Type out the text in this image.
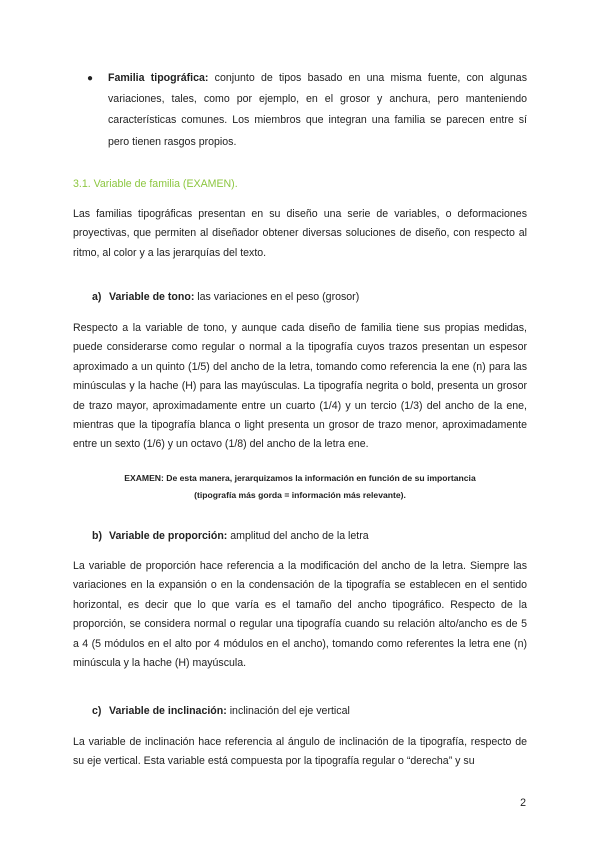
● Familia tipográfica: conjunto de tipos basado en una misma fuente, con algunas variaciones, tales, como por ejemplo, en el grosor y anchura, pero manteniendo características comunes. Los miembros que integran una familia se parecen entre sí pero tienen rasgos propios.

3.1. Variable de familia (EXAMEN).

Las familias tipográficas presentan en su diseño una serie de variables, o deformaciones proyectivas, que permiten al diseñador obtener diversas soluciones de diseño, con respecto al ritmo, al color y a las jerarquías del texto.

a) Variable de tono: las variaciones en el peso (grosor)

Respecto a la variable de tono, y aunque cada diseño de familia tiene sus propias medidas, puede considerarse como regular o normal a la tipografía cuyos trazos presentan un espesor aproximado a un quinto (1/5) del ancho de la letra, tomando como referencia la ene (n) para las minúsculas y la hache (H) para las mayúsculas. La tipografía negrita o bold, presenta un grosor de trazo mayor, aproximadamente entre un cuarto (1/4) y un tercio (1/3) del ancho de la ene, mientras que la tipografía blanca o light presenta un grosor de trazo menor, aproximadamente entre un sexto (1/6) y un octavo (1/8) del ancho de la letra ene.

EXAMEN: De esta manera, jerarquizamos la información en función de su importancia
(tipografía más gorda = información más relevante).

b) Variable de proporción: amplitud del ancho de la letra

La variable de proporción hace referencia a la modificación del ancho de la letra. Siempre las variaciones en la expansión o en la condensación de la tipografía se establecen en el sentido horizontal, es decir que lo que varía es el tamaño del ancho tipográfico. Respecto de la proporción, se considera normal o regular una tipografía cuando su relación alto/ancho es de 5 a 4 (5 módulos en el alto por 4 módulos en el ancho), tomando como referentes la letra ene (n) minúscula y la hache (H) mayúscula.

c) Variable de inclinación: inclinación del eje vertical

La variable de inclinación hace referencia al ángulo de inclinación de la tipografía, respecto de su eje vertical. Esta variable está compuesta por la tipografía regular o “derecha” y su

2
